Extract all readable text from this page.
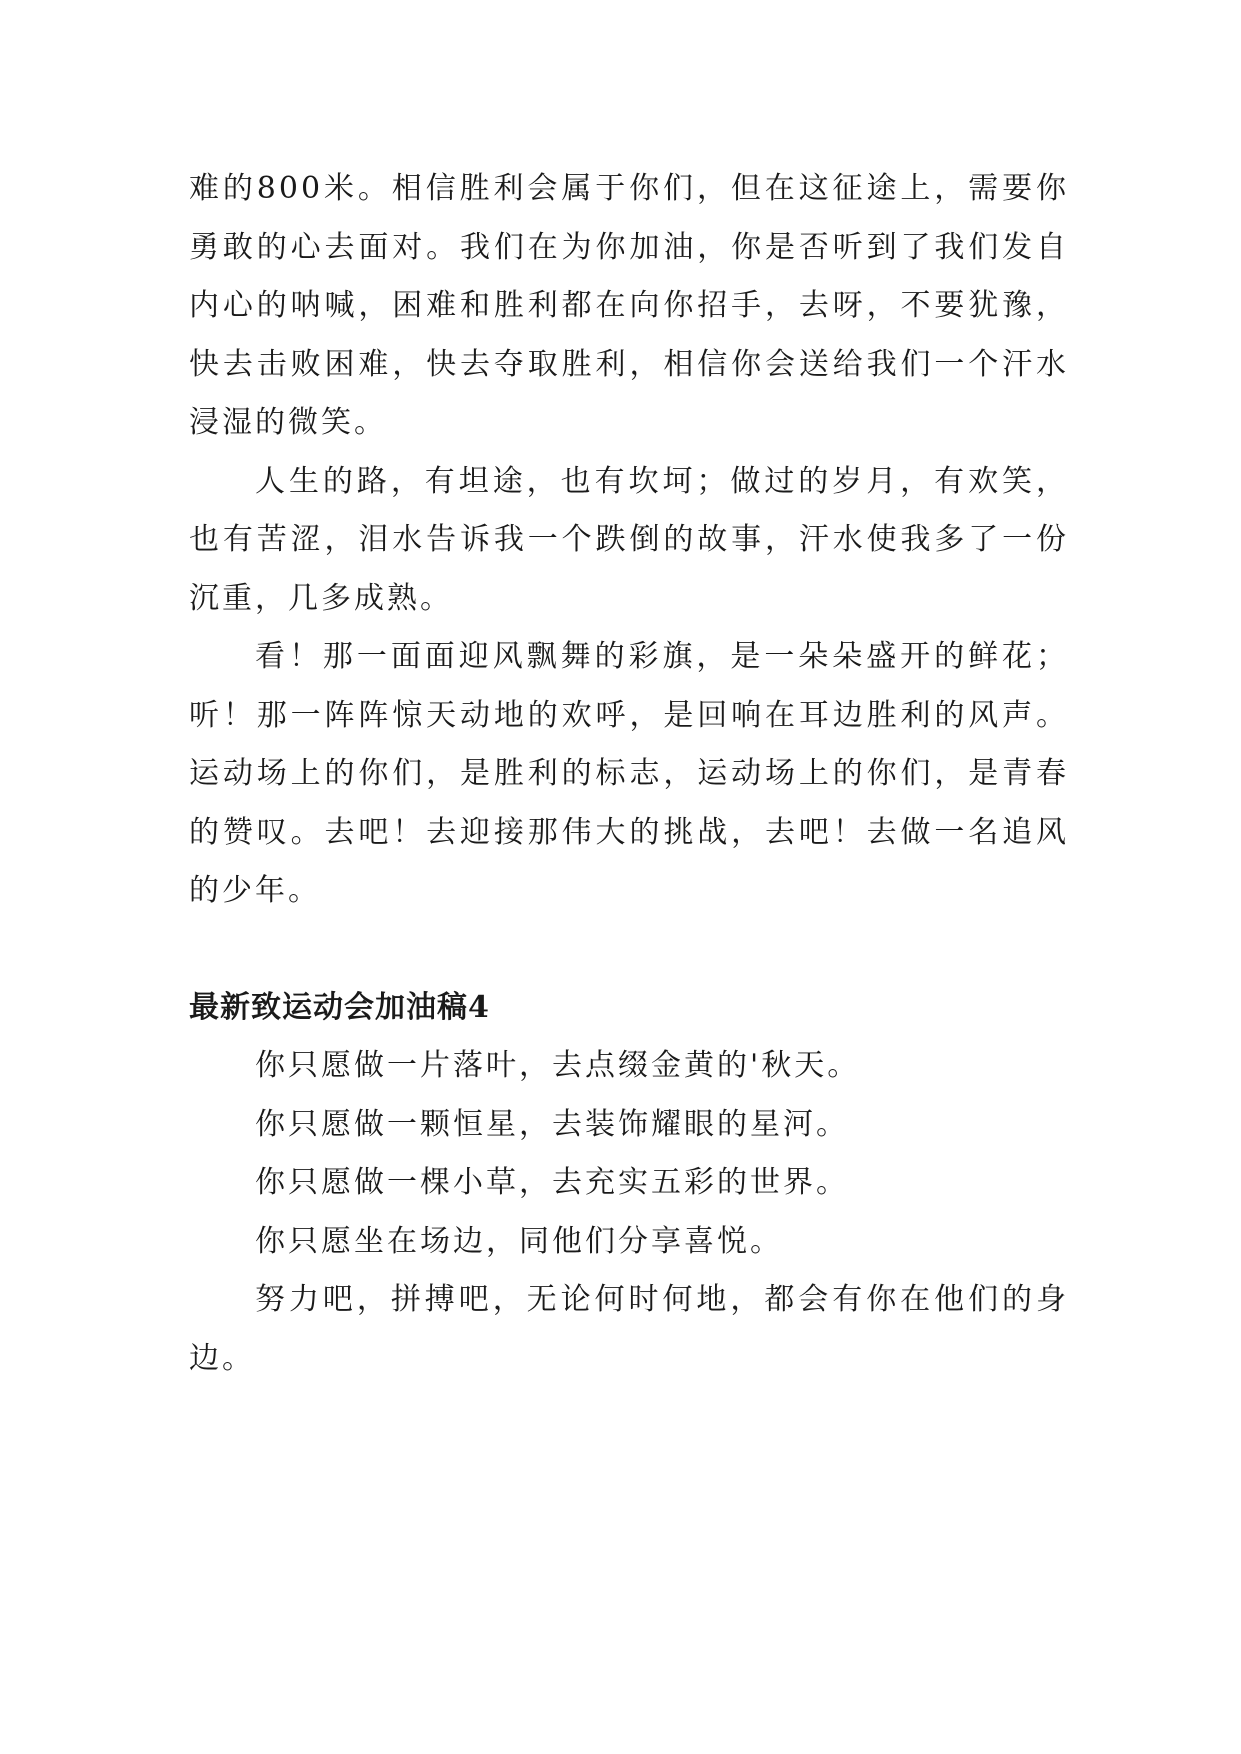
难的800米。相信胜利会属于你们，但在这征途上，需要你勇敢的心去面对。我们在为你加油，你是否听到了我们发自内心的呐喊，困难和胜利都在向你招手，去呀，不要犹豫，快去击败困难，快去夺取胜利，相信你会送给我们一个汗水浸湿的微笑。

人生的路，有坦途，也有坎坷；做过的岁月，有欢笑，也有苦涩，泪水告诉我一个跌倒的故事，汗水使我多了一份沉重，几多成熟。

看！那一面面迎风飘舞的彩旗，是一朵朵盛开的鲜花；听！那一阵阵惊天动地的欢呼，是回响在耳边胜利的风声。运动场上的你们，是胜利的标志，运动场上的你们，是青春的赞叹。去吧！去迎接那伟大的挑战，去吧！去做一名追风的少年。

最新致运动会加油稿4

你只愿做一片落叶，去点缀金黄的'秋天。

你只愿做一颗恒星，去装饰耀眼的星河。

你只愿做一棵小草，去充实五彩的世界。

你只愿坐在场边，同他们分享喜悦。

努力吧，拼搏吧，无论何时何地，都会有你在他们的身边。
